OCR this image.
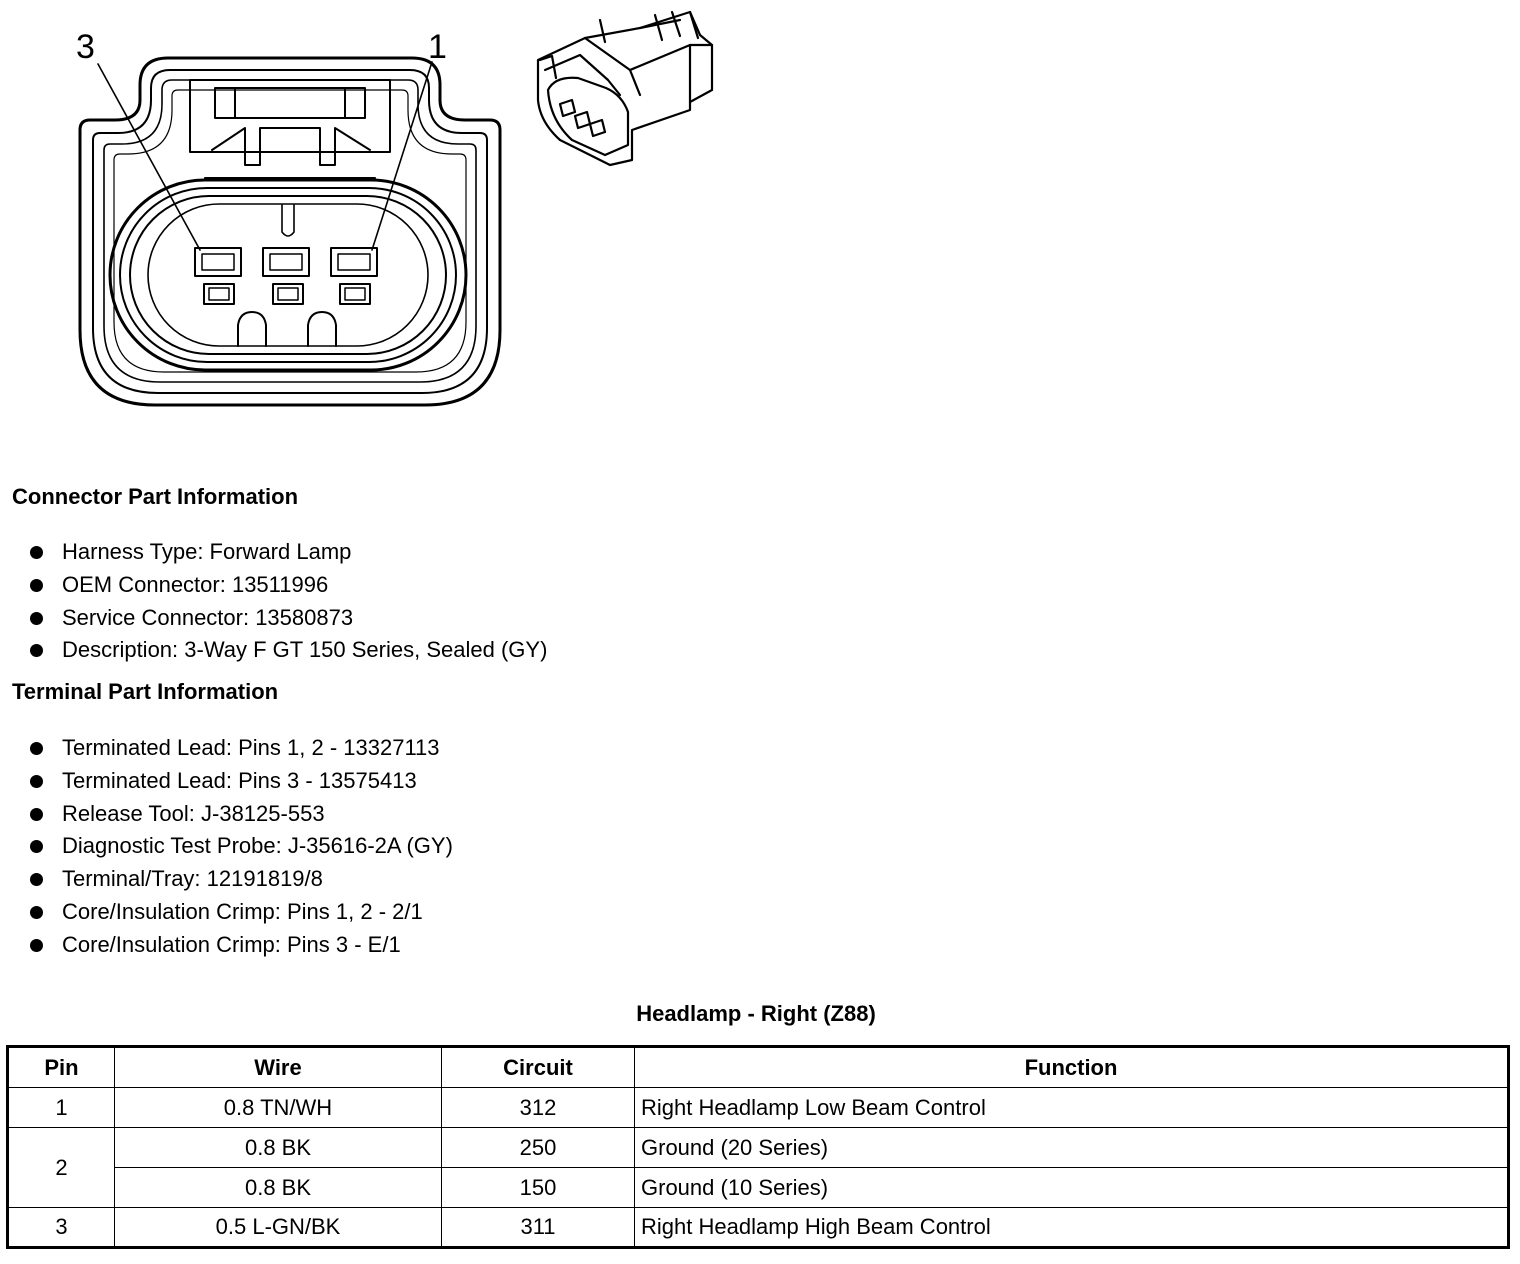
3	1
Connector Part Information
Harness Type: Forward Lamp
OEM Connector: 13511996
Service Connector: 13580873
Description: 3-Way F GT 150 Series, Sealed (GY)
Terminal Part Information
Terminated Lead: Pins 1, 2 - 13327113
Terminated Lead: Pins 3 - 13575413
Release Tool: J-38125-553
Diagnostic Test Probe: J-35616-2A (GY)
Terminal/Tray: 12191819/8
Core/Insulation Crimp: Pins 1, 2 - 2/1
Core/Insulation Crimp: Pins 3 - E/1
Headlamp - Right (Z88)
Pin	Wire	Circuit	Function
1	0.8 TN/WH	312	Right Headlamp Low Beam Control
2	0.8 BK	250	Ground (20 Series)
	0.8 BK	150	Ground (10 Series)
3	0.5 L-GN/BK	311	Right Headlamp High Beam Control
